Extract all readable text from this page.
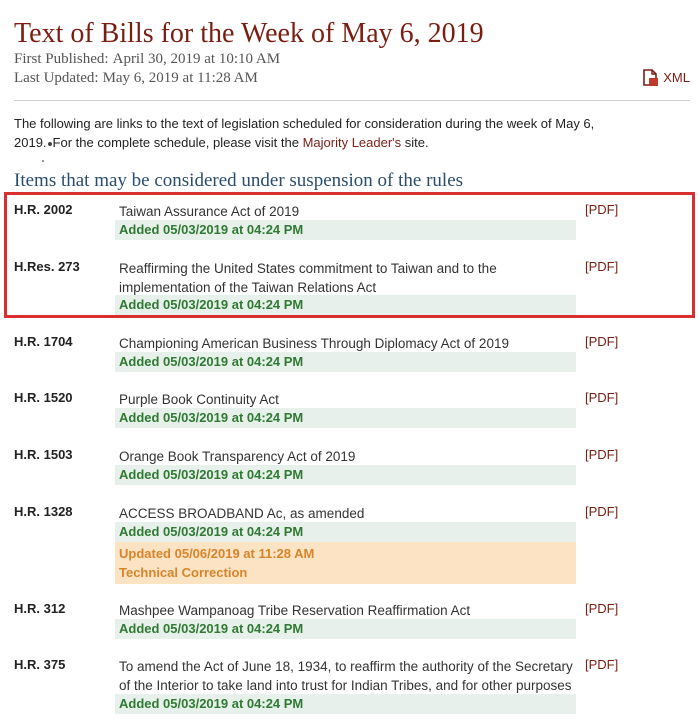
Text of Bills for the Week of May 6, 2019
First Published: April 30, 2019 at 10:10 AM
Last Updated: May 6, 2019 at 11:28 AM	XML

The following are links to the text of legislation scheduled for consideration during the week of May 6, 2019. For the complete schedule, please visit the Majority Leader's site.

Items that may be considered under suspension of the rules
H.R. 2002	Taiwan Assurance Act of 2019	[PDF]
Added 05/03/2019 at 04:24 PM
H.Res. 273	Reaffirming the United States commitment to Taiwan and to the implementation of the Taiwan Relations Act
[PDF]
Added 05/03/2019 at 04:24 PM
H.R. 1704	Championing American Business Through Diplomacy Act of 2019	[PDF]
Added 05/03/2019 at 04:24 PM
H.R. 1520	Purple Book Continuity Act	[PDF]
Added 05/03/2019 at 04:24 PM
H.R. 1503	Orange Book Transparency Act of 2019	[PDF]
Added 05/03/2019 at 04:24 PM
H.R. 1328	ACCESS BROADBAND Ac, as amended	[PDF]
Added 05/03/2019 at 04:24 PM
Updated 05/06/2019 at 11:28 AM
Technical Correction
H.R. 312	Mashpee Wampanoag Tribe Reservation Reaffirmation Act	[PDF]
Added 05/03/2019 at 04:24 PM
H.R. 375	To amend the Act of June 18, 1934, to reaffirm the authority of the Secretary of the Interior to take land into trust for Indian Tribes, and for other purposes
[PDF]
Added 05/03/2019 at 04:24 PM
